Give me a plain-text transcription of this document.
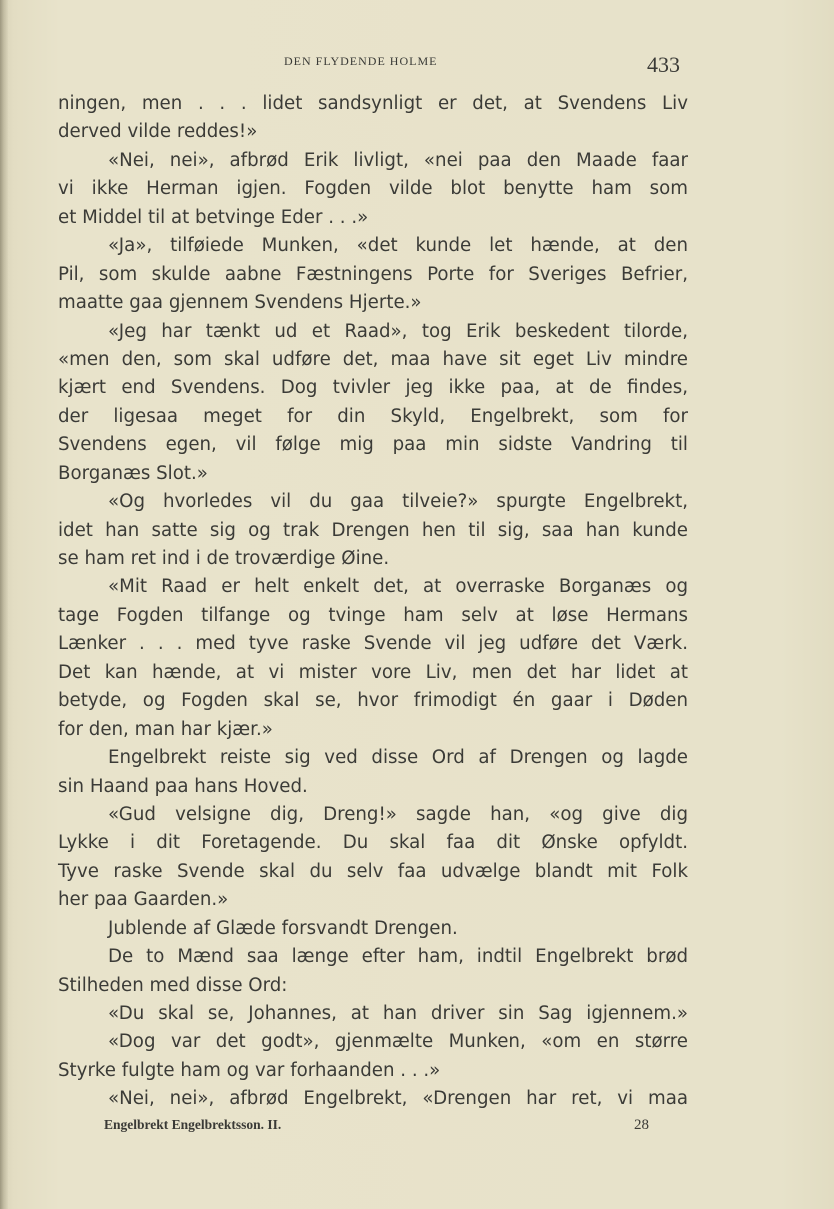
DEN FLYDENDE HOLME	433
ningen, men . . . lidet sandsynligt er det, at Svendens Liv
derved vilde reddes!»
«Nei, nei», afbrød Erik livligt, «nei paa den Maade faar
vi ikke Herman igjen. Fogden vilde blot benytte ham som
et Middel til at betvinge Eder . . .»
«Ja», tilføiede Munken, «det kunde let hænde, at den
Pil, som skulde aabne Fæstningens Porte for Sveriges Befrier,
maatte gaa gjennem Svendens Hjerte.»
«Jeg har tænkt ud et Raad», tog Erik beskedent tilorde,
«men den, som skal udføre det, maa have sit eget Liv mindre
kjært end Svendens. Dog tvivler jeg ikke paa, at de findes,
der ligesaa meget for din Skyld, Engelbrekt, som for
Svendens egen, vil følge mig paa min sidste Vandring til
Borganæs Slot.»
«Og hvorledes vil du gaa tilveie?» spurgte Engelbrekt,
idet han satte sig og trak Drengen hen til sig, saa han kunde
se ham ret ind i de troværdige Øine.
«Mit Raad er helt enkelt det, at overraske Borganæs og
tage Fogden tilfange og tvinge ham selv at løse Hermans
Lænker . . . med tyve raske Svende vil jeg udføre det Værk.
Det kan hænde, at vi mister vore Liv, men det har lidet at
betyde, og Fogden skal se, hvor frimodigt én gaar i Døden
for den, man har kjær.»
Engelbrekt reiste sig ved disse Ord af Drengen og lagde
sin Haand paa hans Hoved.
«Gud velsigne dig, Dreng!» sagde han, «og give dig
Lykke i dit Foretagende. Du skal faa dit Ønske opfyldt.
Tyve raske Svende skal du selv faa udvælge blandt mit Folk
her paa Gaarden.»
Jublende af Glæde forsvandt Drengen.
De to Mænd saa længe efter ham, indtil Engelbrekt brød
Stilheden med disse Ord:
«Du skal se, Johannes, at han driver sin Sag igjennem.»
«Dog var det godt», gjenmælte Munken, «om en større
Styrke fulgte ham og var forhaanden . . .»
«Nei, nei», afbrød Engelbrekt, «Drengen har ret, vi maa
Engelbrekt Engelbrektsson. II.	28
